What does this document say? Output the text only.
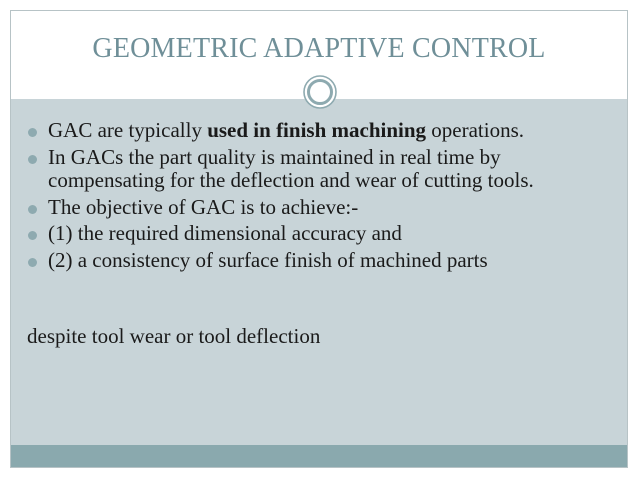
GEOMETRIC ADAPTIVE CONTROL
GAC are typically used in finish machining operations.
In GACs the part quality is maintained in real time by compensating for the deflection and wear of cutting tools.
The objective of GAC is to achieve:-
(1) the required dimensional accuracy and
(2) a consistency of surface finish of machined parts
despite tool wear or tool deflection
